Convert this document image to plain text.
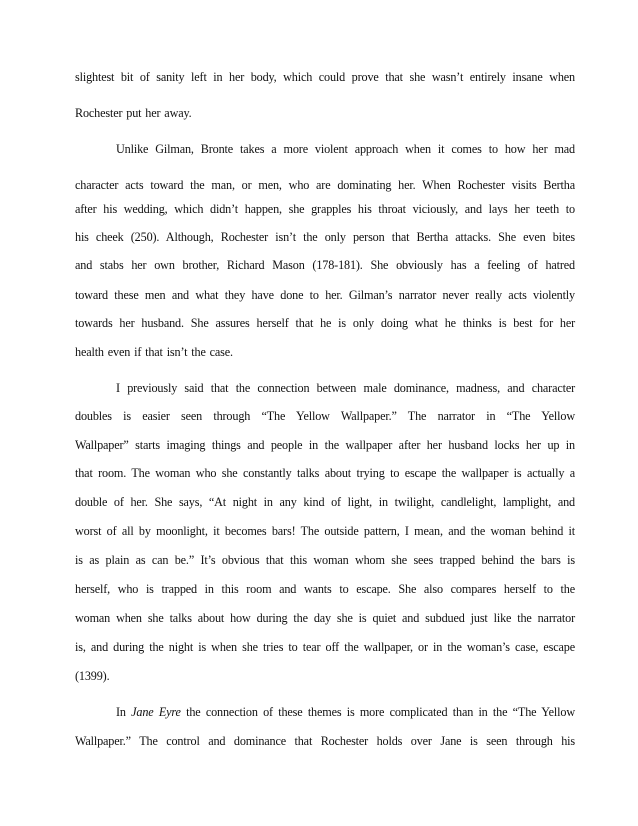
slightest bit of sanity left in her body, which could prove that she wasn’t entirely insane when
Rochester put her away.
Unlike Gilman, Bronte takes a more violent approach when it comes to how her mad
character acts toward the man, or men, who are dominating her. When Rochester visits Bertha
after his wedding, which didn’t happen, she grapples his throat viciously, and lays her teeth to
his cheek (250). Although, Rochester isn’t the only person that Bertha attacks. She even bites
and stabs her own brother, Richard Mason (178-181). She obviously has a feeling of hatred
toward these men and what they have done to her. Gilman’s narrator never really acts violently
towards her husband. She assures herself that he is only doing what he thinks is best for her
health even if that isn’t the case.
I previously said that the connection between male dominance, madness, and character
doubles is easier seen through “The Yellow Wallpaper.” The narrator in “The Yellow
Wallpaper” starts imaging things and people in the wallpaper after her husband locks her up in
that room. The woman who she constantly talks about trying to escape the wallpaper is actually a
double of her. She says, “At night in any kind of light, in twilight, candlelight, lamplight, and
worst of all by moonlight, it becomes bars! The outside pattern, I mean, and the woman behind it
is as plain as can be.” It’s obvious that this woman whom she sees trapped behind the bars is
herself, who is trapped in this room and wants to escape. She also compares herself to the
woman when she talks about how during the day she is quiet and subdued just like the narrator
is, and during the night is when she tries to tear off the wallpaper, or in the woman’s case, escape
(1399).
In Jane Eyre the connection of these themes is more complicated than in the “The Yellow
Wallpaper.” The control and dominance that Rochester holds over Jane is seen through his
